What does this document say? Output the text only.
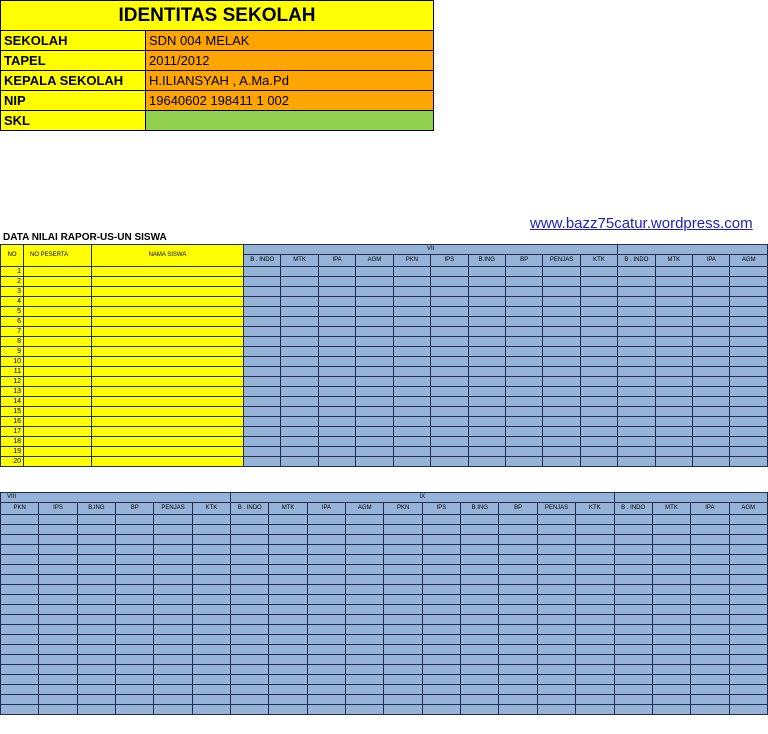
IDENTITAS SEKOLAH	
SEKOLAH	SDN 004 MELAK
TAPEL	2011/2012
KEPALA SEKOLAH	H.ILIANSYAH , A.Ma.Pd
NIP	19640602 198411 1 002
SKL	
www.bazz75catur.wordpress.com
DATA NILAI RAPOR-US-UN SISWA
NO	NO PESERTA	NAMA SISWA	VII													
			B . INDO	MTK	IPA	AGM	PKN	IPS	B.ING	BP	PENJAS	KTK	B . INDO	MTK	IPA	AGM
1																
2																
3																
4																
5																
6																
7																
8																
9																
10																
11																
12																
13																
14																
15																
16																
17																
18																
19																
20																
VIII						IX													
PKN	IPS	B.ING	BP	PENJAS	KTK	B . INDO	MTK	IPA	AGM	PKN	IPS	B.ING	BP	PENJAS	KTK	B . INDO	MTK	IPA	AGM
